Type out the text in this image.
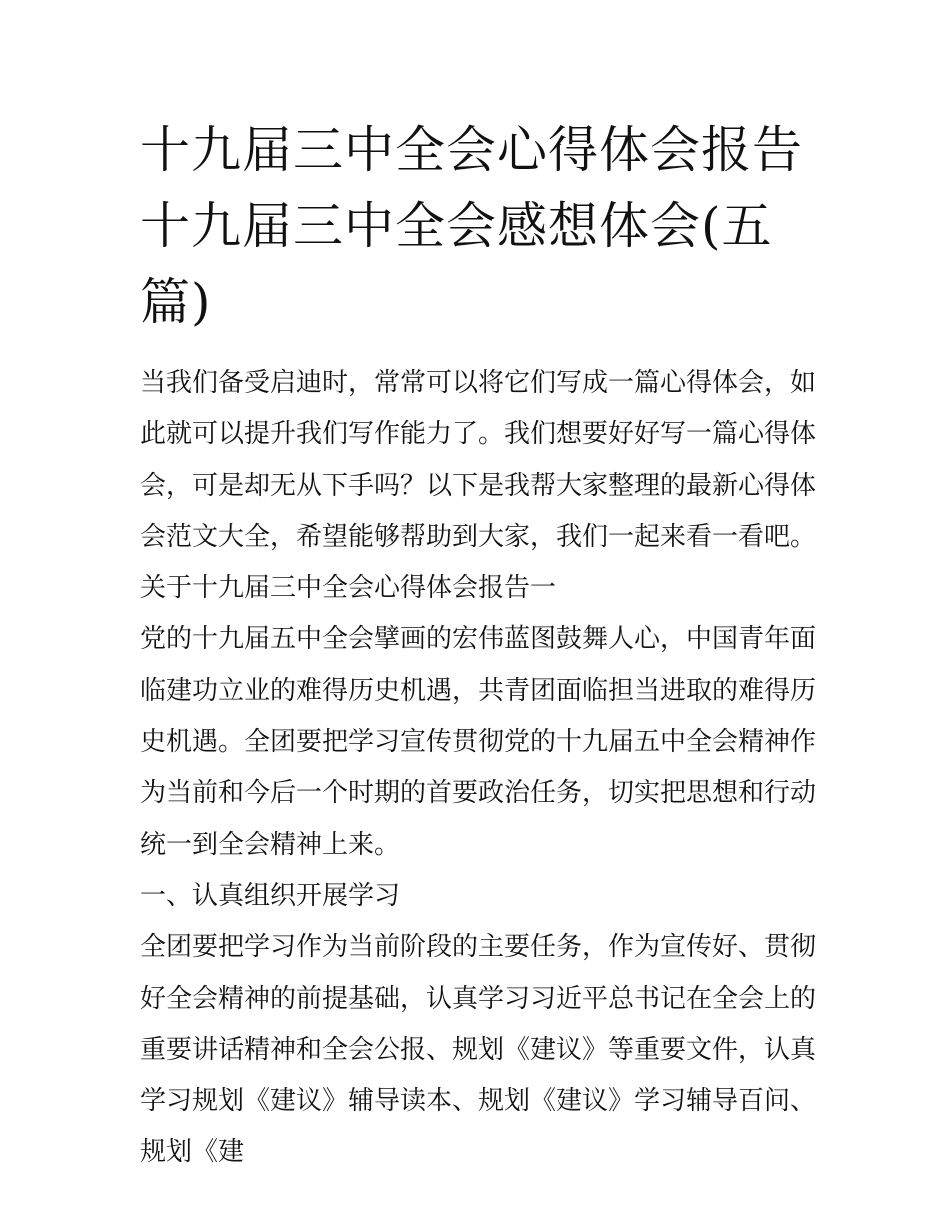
十九届三中全会心得体会报告十九届三中全会感想体会(五篇)

当我们备受启迪时，常常可以将它们写成一篇心得体会，如此就可以提升我们写作能力了。我们想要好好写一篇心得体会，可是却无从下手吗？以下是我帮大家整理的最新心得体会范文大全，希望能够帮助到大家，我们一起来看一看吧。

关于十九届三中全会心得体会报告一

党的十九届五中全会擘画的宏伟蓝图鼓舞人心，中国青年面临建功立业的难得历史机遇，共青团面临担当进取的难得历史机遇。全团要把学习宣传贯彻党的十九届五中全会精神作为当前和今后一个时期的首要政治任务，切实把思想和行动统一到全会精神上来。

一、认真组织开展学习

全团要把学习作为当前阶段的主要任务，作为宣传好、贯彻好全会精神的前提基础，认真学习习近平总书记在全会上的重要讲话精神和全会公报、规划《建议》等重要文件，认真学习规划《建议》辅导读本、规划《建议》学习辅导百问、规划《建
